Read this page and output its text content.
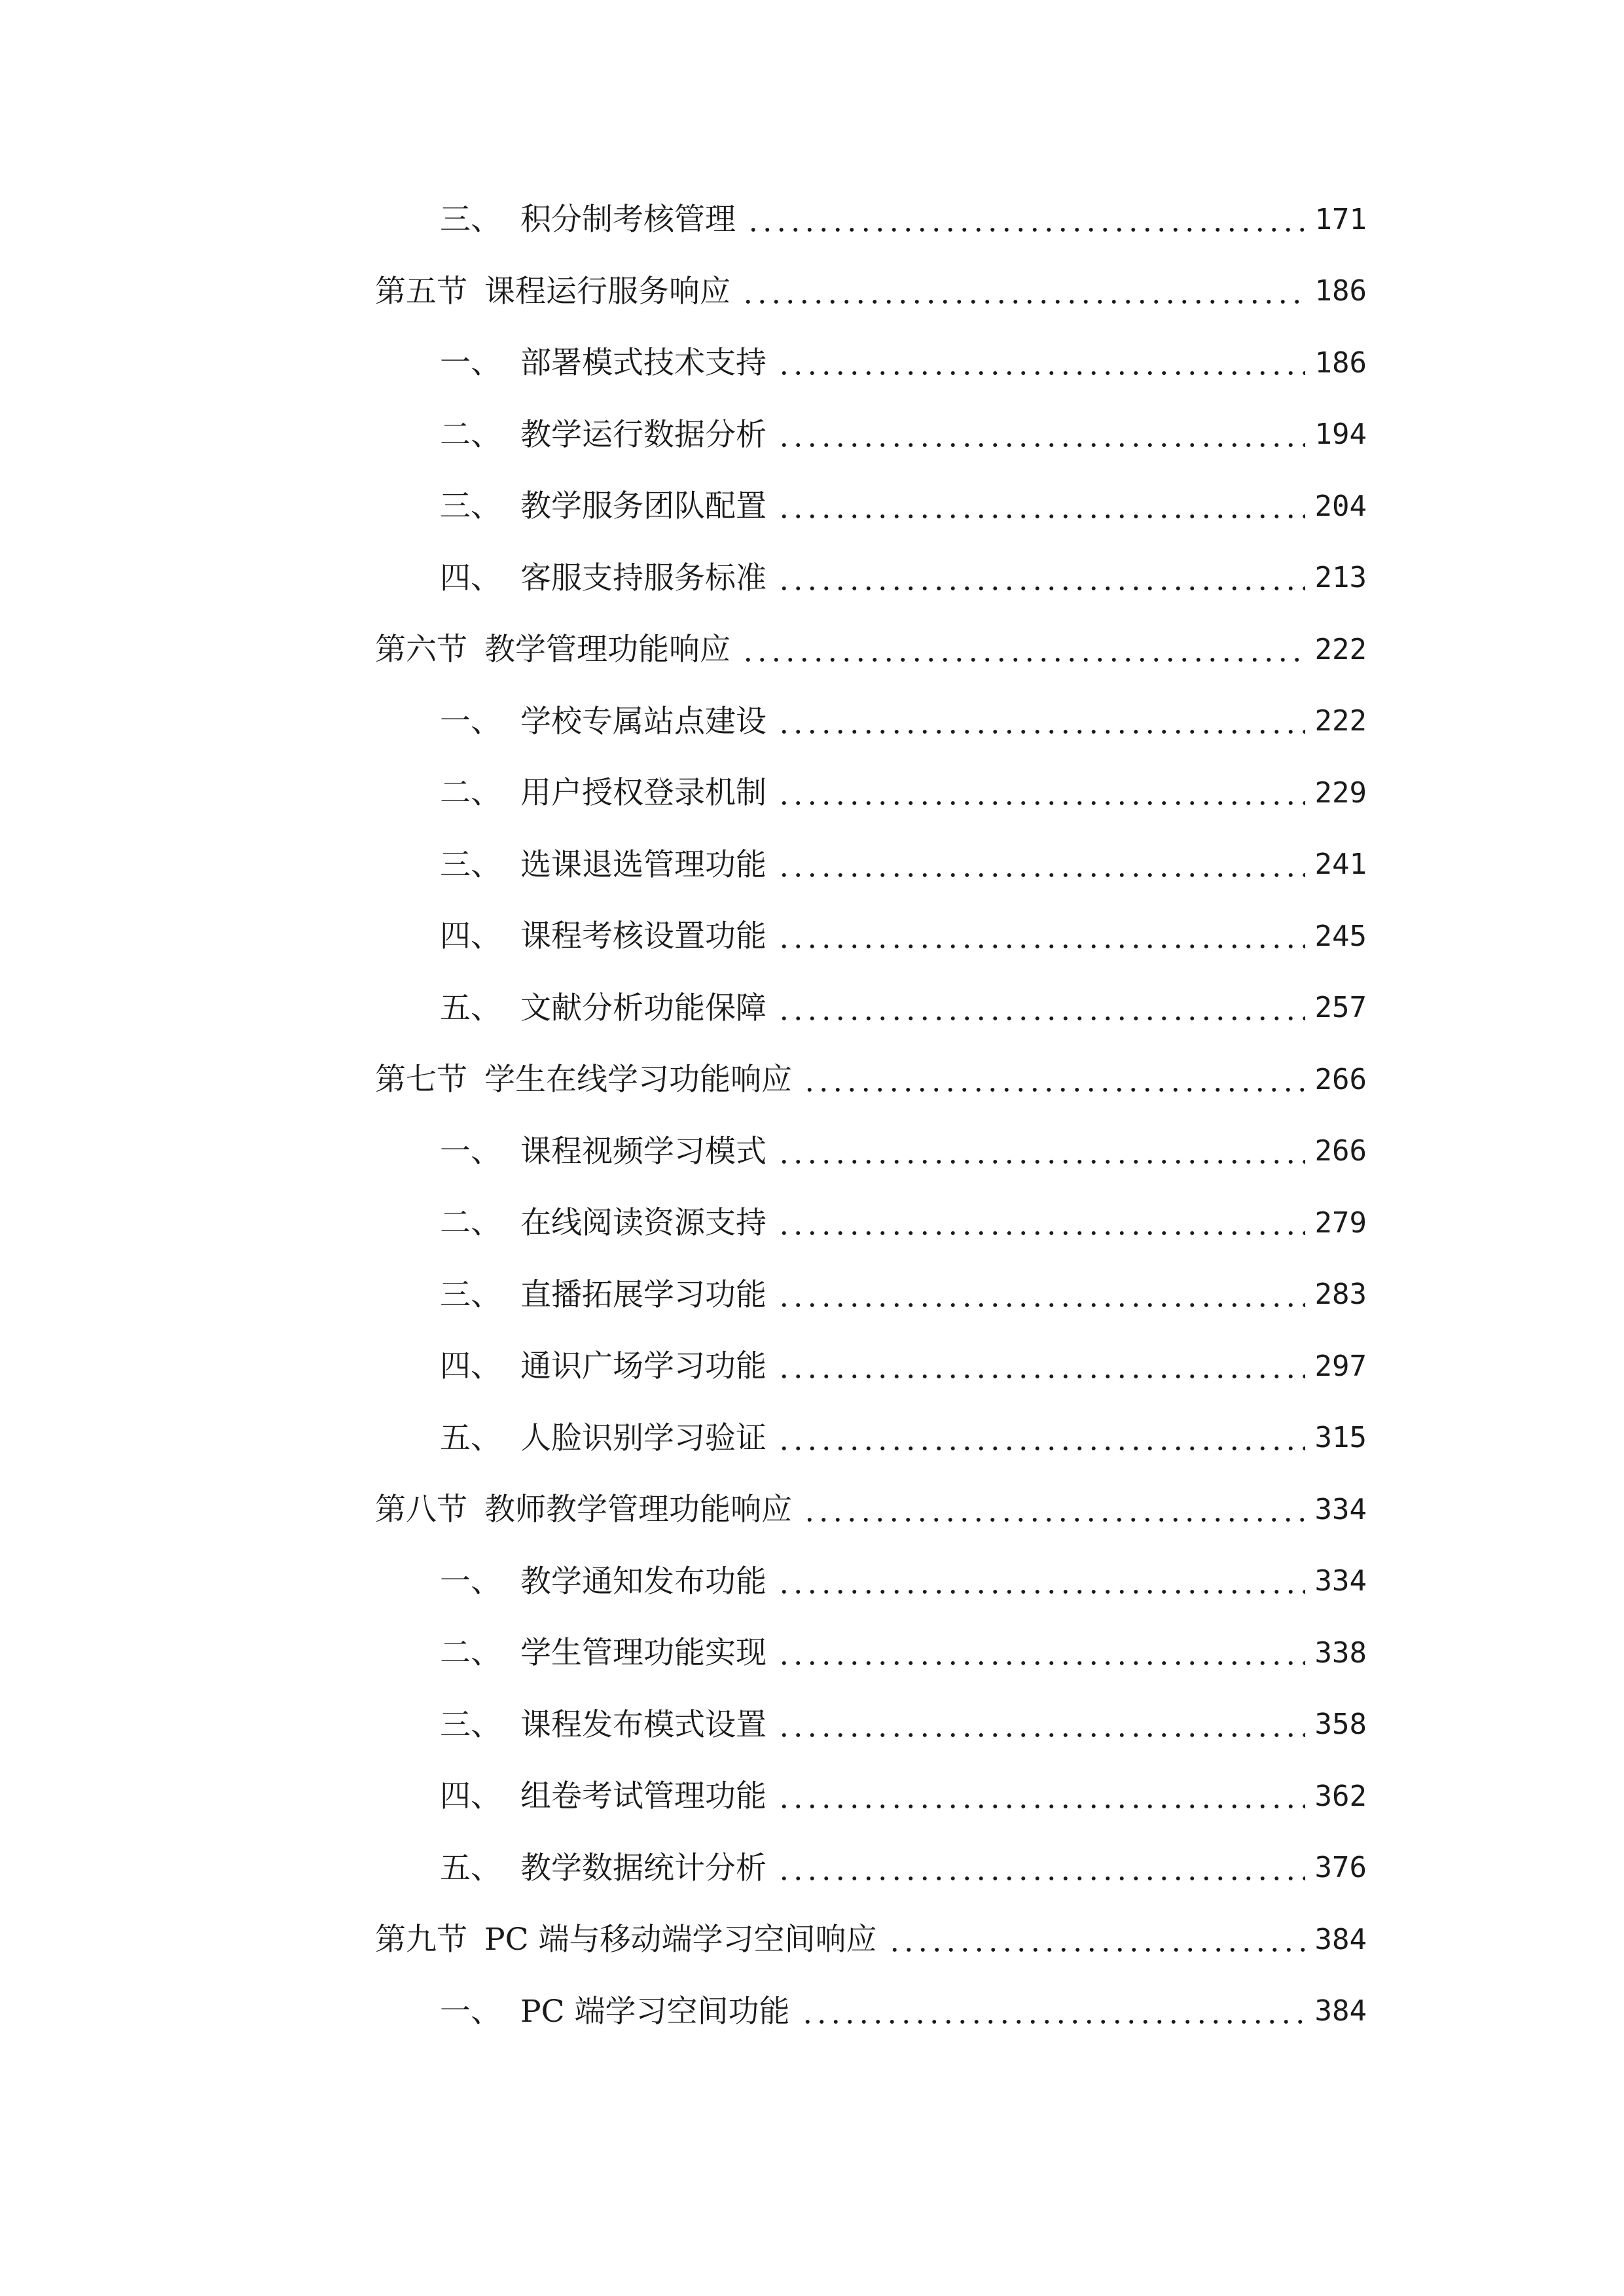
三、 积分制考核管理	171
第五节 课程运行服务响应	186
一、 部署模式技术支持	186
二、 教学运行数据分析	194
三、 教学服务团队配置	204
四、 客服支持服务标准	213
第六节 教学管理功能响应	222
一、 学校专属站点建设	222
二、 用户授权登录机制	229
三、 选课退选管理功能	241
四、 课程考核设置功能	245
五、 文献分析功能保障	257
第七节 学生在线学习功能响应	266
一、 课程视频学习模式	266
二、 在线阅读资源支持	279
三、 直播拓展学习功能	283
四、 通识广场学习功能	297
五、 人脸识别学习验证	315
第八节 教师教学管理功能响应	334
一、 教学通知发布功能	334
二、 学生管理功能实现	338
三、 课程发布模式设置	358
四、 组卷考试管理功能	362
五、 教学数据统计分析	376
第九节 PC 端与移动端学习空间响应	384
一、 PC 端学习空间功能	384
